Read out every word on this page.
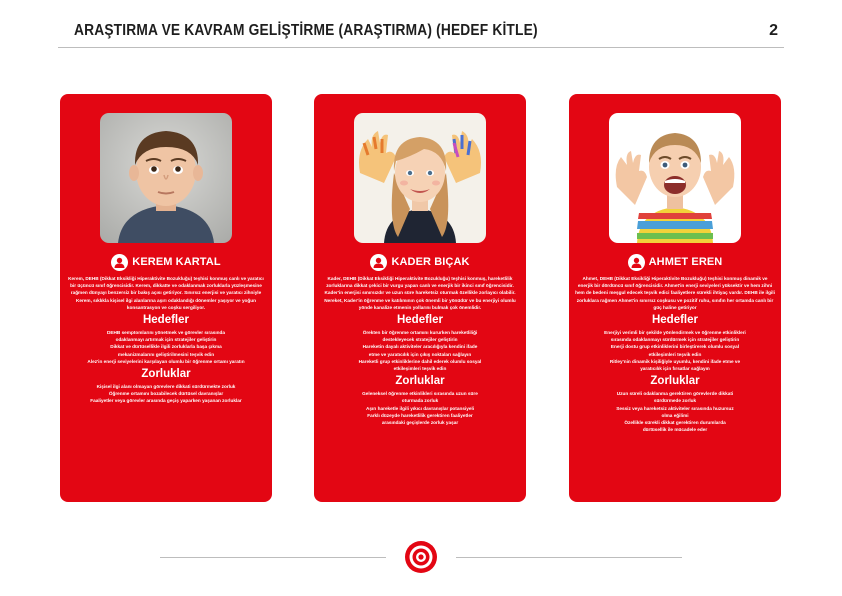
ARAŞTIRMA VE KAVRAM GELİŞTİRME (ARAŞTIRMA) (HEDEF KİTLE)	2
KEREM KARTAL

Kerem, DEHB (Dikkat Eksikliği Hiperaktivite Bozukluğu) teşhisi konmuş canlı ve yaratıcı bir üçüncü sınıf öğrencisidir. Kerem, dikkatte ve odaklanmak zorluklarla yüzleşmesine rağmen dünyayı benzersiz bir bakış açısı getiriyor. Sınırsız enerjisi ve yaratıcı zihniyle Kerem, sıklıkla kişisel ilgi alanlarına aşırı odaklandığı dönemler yaşıyor ve yoğun konsantrasyon ve coşku sergiliyor.

Hedefler

DEHB semptomlarını yönetmek ve görevler sırasında

odaklanmayı artırmak için stratejiler geliştirin

Dikkat ve dürtüsellikle ilgili zorluklarla başa çıkma

mekanizmalarını geliştirilmesini teşvik edin

Alez'in enerji seviyelerini karşılayan olumlu bir öğrenme ortamı yaratın

Zorluklar

Kişisel ilgi alanı olmayan görevlere dikkati sürdürmekte zorluk

Öğrenme ortamını bozabilecek dürtüsel davranışlar

Faaliyetler veya görevler arasında geçiş yaparken yaşanan zorluklar

KADER BIÇAK

Kader, DEHB (Dikkat Eksikliği Hiperaktivite Bozukluğu) teşhisi konmuş, hareketlilik zorluklarına dikkat çekici bir vurgu yapan canlı ve enerjik bir ikinci sınıf öğrencisidir. Kader'in enerjisi sınırsızdır ve uzun süre hareketsiz oturmak özellikle zorlayıcı olabilir. Nereket, Kader'in öğrenme ve katılımının çok önemli bir yönüdür ve bu enerjiyi olumlu yönde kanalize etmenin yollarını bulmak çok önemlidir.

Hedefler

Örekten bir öğrenme ortamını kururken hareketliliği

destekleyecek stratejiler geliştirin

Hareketin dayalı aktiviteler aracılığıyla kendini ifade

etme ve yaratıcılık için çıkış noktaları sağlayın

Hareketli grup etkinliklerine dahil ederek olumlu sosyal

etkileşimleri teşvik edin

Zorluklar

Geleneksel öğrenme etkinlikleri sırasında uzun süre

oturmada zorluk

Aşırı hareketle ilgili yıkıcı davranışlar potansiyeli

Farklı düzeyde hareketlilik gerektiren faaliyetler

arasındaki geçişlerde zorluk yaşar

AHMET EREN

Ahmet, DEHB (Dikkat Eksikliği Hiperaktivite Bozukluğu) teşhisi konmuş dinamik ve enerjik bir dördüncü sınıf öğrencisidir. Ahmet'in enerji seviyeleri yüksektir ve hem zihni hem de bedeni meşgul edecek teşvik edici faaliyetlere sürekli ihtiyaç vardır. DEHB ile ilgili zorluklara rağmen Ahmet'in sınırsız coşkusu ve pozitif ruhu, sınıfın her ortamda canlı bir güç haline getiriyor

Hedefler

Enerjiyi verimli bir şekilde yönlendirmek ve öğrenme etkinlikleri

sırasında odaklanmayı sürdürmek için stratejiler geliştirin

Enerji dostu grup etkinliklerini birleştirerek olumlu sosyal

etkileşimleri teşvik edin

Ritley'nin dinamik kişiliğiyle uyumlu, kendini ifade etme ve

yaratıcılık için fırsatlar sağlayın

Zorluklar

Uzun süreli odaklanma gerektiren görevlerde dikkati

sürdürmede zorluk

Sessiz veya hareketsiz aktiviteler sırasında huzursuz

olma eğilimi

Özellikle sürekli dikkat gerektiren durumlarda

dürtüsellik ile mücadele eder
